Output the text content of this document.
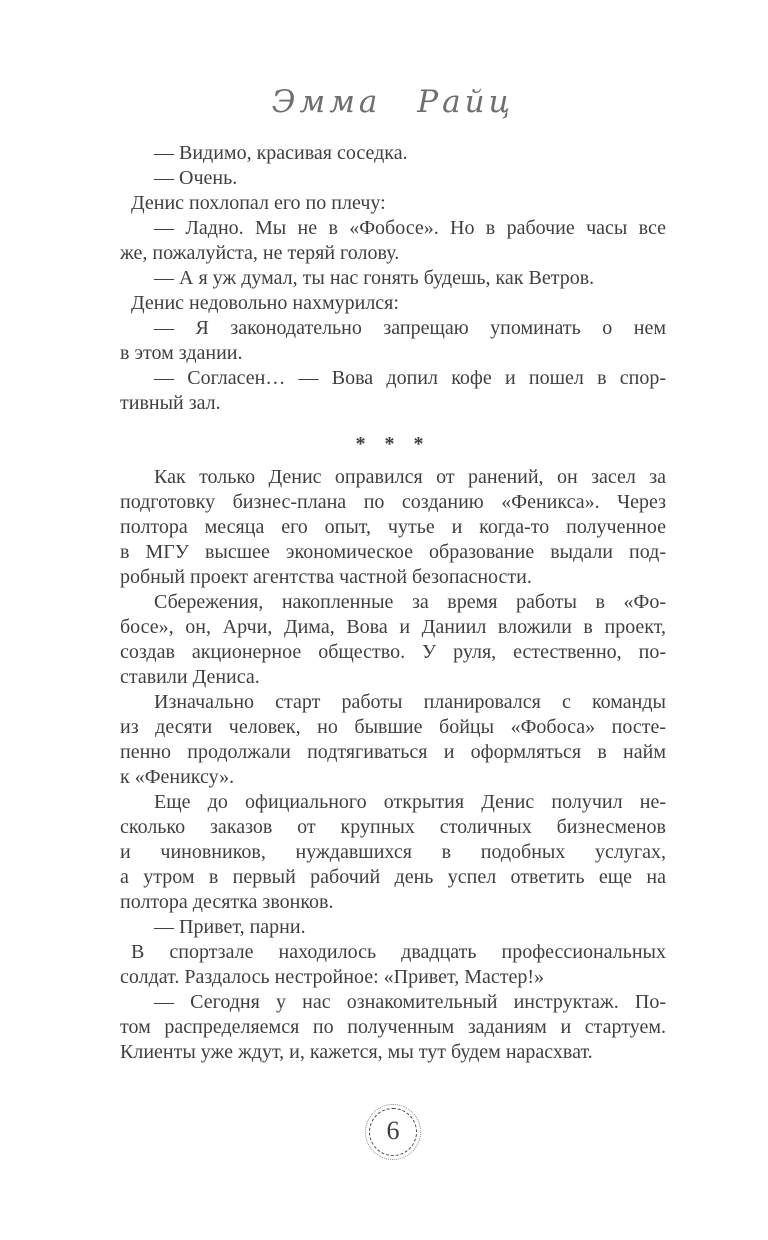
Эмма Райц
— Видимо, красивая соседка.
— Очень.
Денис похлопал его по плечу:
— Ладно. Мы не в «Фобосе». Но в рабочие часы все
же, пожалуйста, не теряй голову.
— А я уж думал, ты нас гонять будешь, как Ветров.
Денис недовольно нахмурился:
— Я законодательно запрещаю упоминать о нем
в этом здании.
— Согласен… — Вова допил кофе и пошел в спор-
тивный зал.
* * *
Как только Денис оправился от ранений, он засел за
подготовку бизнес-плана по созданию «Феникса». Через
полтора месяца его опыт, чутье и когда-то полученное
в МГУ высшее экономическое образование выдали под-
робный проект агентства частной безопасности.
Сбережения, накопленные за время работы в «Фо-
босе», он, Арчи, Дима, Вова и Даниил вложили в проект,
создав акционерное общество. У руля, естественно, по-
ставили Дениса.
Изначально старт работы планировался с команды
из десяти человек, но бывшие бойцы «Фобоса» посте-
пенно продолжали подтягиваться и оформляться в найм
к «Фениксу».
Еще до официального открытия Денис получил не-
сколько заказов от крупных столичных бизнесменов
и чиновников, нуждавшихся в подобных услугах,
а утром в первый рабочий день успел ответить еще на
полтора десятка звонков.
— Привет, парни.
В спортзале находилось двадцать профессиональных
солдат. Раздалось нестройное: «Привет, Мастер!»
— Сегодня у нас ознакомительный инструктаж. По-
том распределяемся по полученным заданиям и стартуем.
Клиенты уже ждут, и, кажется, мы тут будем нарасхват.
6
